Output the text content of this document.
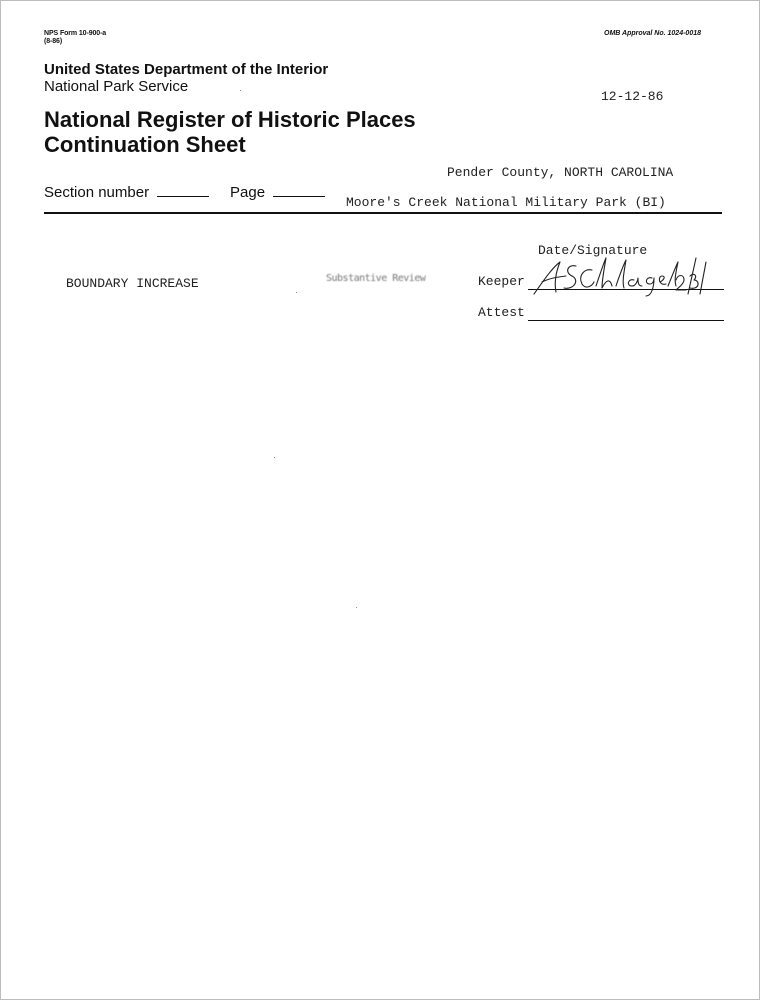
NPS Form 10-900-a
(8-86)
OMB Approval No. 1024-0018
United States Department of the Interior
National Park Service
12-12-86
National Register of Historic Places
Continuation Sheet
Pender County, NORTH CAROLINA
Section number	Page
Moore's Creek National Military Park (BI)
Date/Signature
BOUNDARY INCREASE	Substantive Review	Keeper
Attest
